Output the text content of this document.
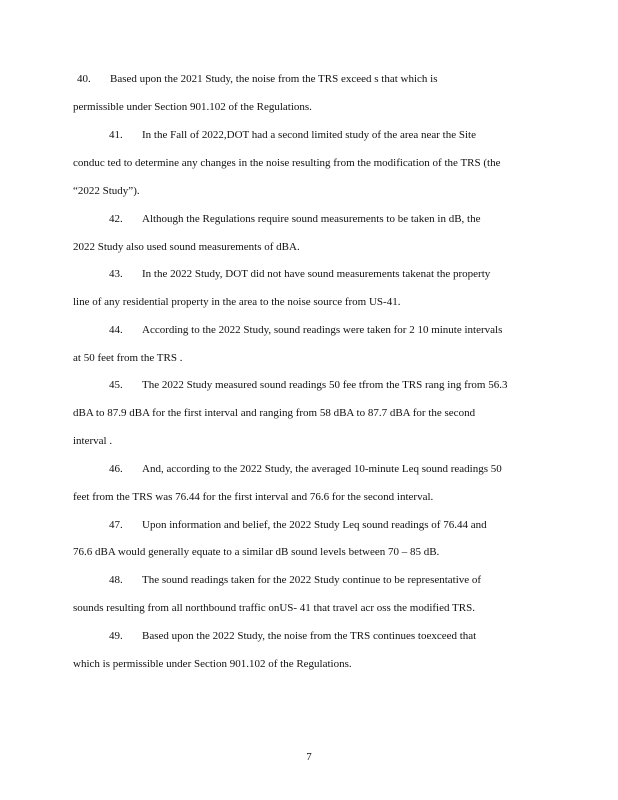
40. Based upon the 2021 Study, the noise from the TRS exceed s that which is
permissible under Section 901.102 of the Regulations.
41. In the Fall of 2022,DOT had a second limited study of the area near the Site
conduc ted to determine any changes in the noise resulting from the modification of the TRS (the
“2022 Study”).
42. Although the Regulations require sound measurements to be taken in dB, the
2022 Study also used sound measurements of dBA.
43. In the 2022 Study, DOT did not have sound measurements takenat the property
line of any residential property in the area to the noise source from US-41.
44. According to the 2022 Study, sound readings were taken for 2 10 minute intervals
at 50 feet from the TRS .
45. The 2022 Study measured sound readings 50 fee tfrom the TRS rang ing from 56.3
dBA to 87.9 dBA for the first interval and ranging from 58 dBA to 87.7 dBA for the second
interval .
46. And, according to the 2022 Study, the averaged 10-minute Leq sound readings 50
feet from the TRS was 76.44 for the first interval and 76.6 for the second interval.
47. Upon information and belief, the 2022 Study Leq sound readings of 76.44 and
76.6 dBA would generally equate to a similar dB sound levels between 70 – 85 dB.
48. The sound readings taken for the 2022 Study continue to be representative of
sounds resulting from all northbound traffic onUS- 41 that travel acr oss the modified TRS.
49. Based upon the 2022 Study, the noise from the TRS continues toexceed that
which is permissible under Section 901.102 of the Regulations.
7
